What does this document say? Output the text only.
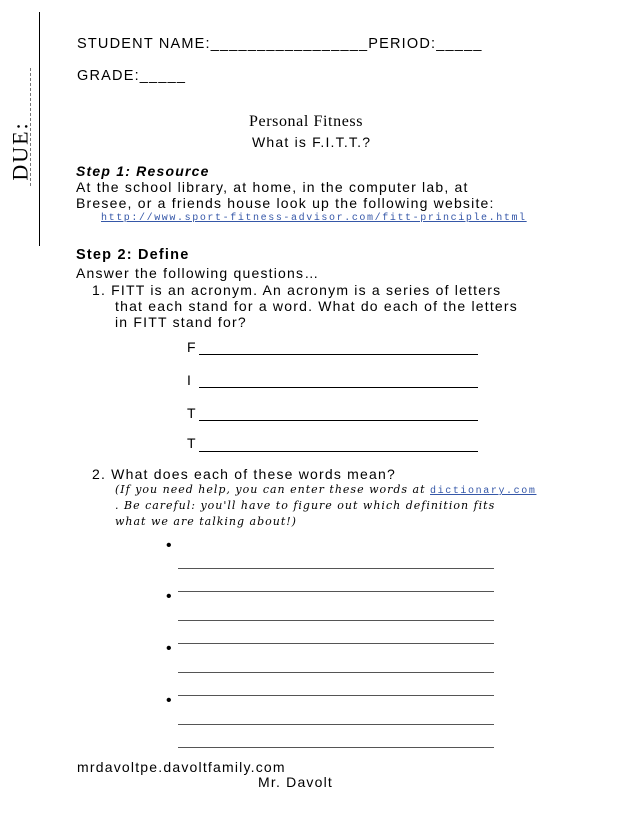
DUE:
STUDENT NAME:_________________PERIOD:_____
GRADE:_____
Personal Fitness
What is F.I.T.T.?
Step 1: Resource
At the school library, at home, in the computer lab, at
Bresee, or a friends house look up the following website:
http://www.sport-fitness-advisor.com/fitt-principle.html
Step 2: Define
Answer the following questions…
1. FITT is an acronym. An acronym is a series of letters
that each stand for a word. What do each of the letters
in FITT stand for?
F
I
T
T
2. What does each of these words mean?
(If you need help, you can enter these words at dictionary.com
. Be careful: you'll have to figure out which definition fits
what we are talking about!)
•
•
•
•
mrdavoltpe.davoltfamily.com
Mr. Davolt
